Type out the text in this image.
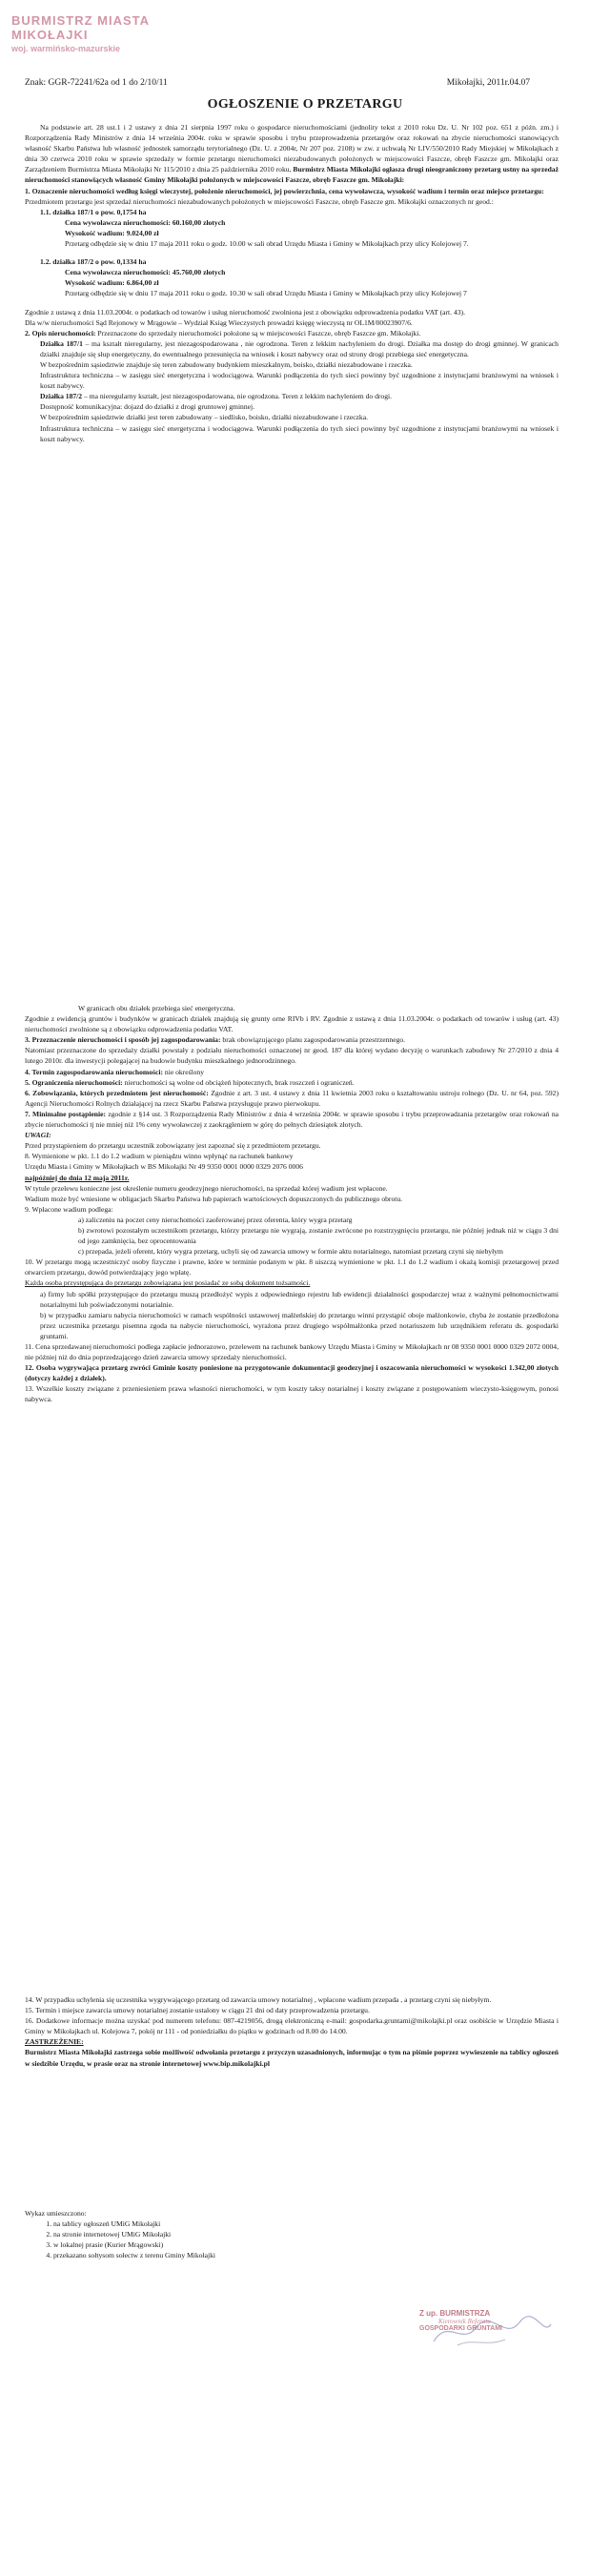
BURMISTRZ MIASTA MIKOŁAJKI
woj. warmińsko-mazurskie
Znak: GGR-72241/62a od 1 do 2/10/11	Mikołajki, 2011r.04.07
OGŁOSZENIE O PRZETARGU

Na podstawie art. 28 ust.1 i 2 ustawy z dnia 21 sierpnia 1997 roku o gospodarce nieruchomościami (jednolity tekst z 2010 roku Dz. U. Nr 102 poz. 651 z późn. zm.) i Rozporządzenia Rady Ministrów z dnia 14 września 2004r. roku w sprawie sposobu i trybu przeprowadzenia przetargów oraz rokowań na zbycie nieruchomości stanowiących własność Skarbu Państwa lub własność jednostek samorządu terytorialnego (Dz. U. z 2004r, Nr 207 poz. 2108) w zw. z uchwałą Nr LIV/550/2010 Rady Miejskiej w Mikołajkach z dnia 30 czerwca 2010 roku w sprawie sprzedaży w formie przetargu nieruchomości niezabudowanych położonych w miejscowości Faszcze, obręb Faszcze gm. Mikołajki oraz Zarządzeniem Burmistrza Miasta Mikołajki Nr 115/2010 z dnia 25 października 2010 roku, Burmistrz Miasta Mikołajki ogłasza drugi nieograniczony przetarg ustny na sprzedaż nieruchomości stanowiących własność Gminy Mikołajki położonych w miejscowości Faszcze, obręb Faszcze gm. Mikołajki:

1. Oznaczenie nieruchomości według księgi wieczystej, położenie nieruchomości, jej powierzchnia, cena wywoławcza, wysokość wadium i termin oraz miejsce przetargu:

Przedmiotem przetargu jest sprzedaż nieruchomości niezabudowanych położonych w miejscowości Faszcze, obręb Faszcze gm. Mikołajki oznaczonych nr geod.:

1.1. działka 187/1 o pow. 0,1754 ha

Cena wywoławcza nieruchomości: 60.160,00 złotych

Wysokość wadium: 9.024,00 zł

Przetarg odbędzie się w dniu 17 maja 2011 roku o godz. 10.00 w sali obrad Urzędu Miasta i Gminy w Mikołajkach przy ulicy Kolejowej 7.

1.2. działka 187/2 o pow. 0,1334 ha

Cena wywoławcza nieruchomości: 45.760,00 złotych

Wysokość wadium: 6.864,00 zł

Przetarg odbędzie się w dniu 17 maja 2011 roku o godz. 10.30 w sali obrad Urzędu Miasta i Gminy w Mikołajkach przy ulicy Kolejowej 7

Zgodnie z ustawą z dnia 11.03.2004r. o podatkach od towarów i usług nieruchomość zwolniona jest z obowiązku odprowadzenia podatku VAT (art. 43).

Dla w/w nieruchomości Sąd Rejonowy w Mrągowie – Wydział Ksiąg Wieczystych prowadzi księgę wieczystą nr OL1M/00023907/6.

2. Opis nieruchomości: Przeznaczone do sprzedaży nieruchomości położone są w miejscowości Faszcze, obręb Faszcze gm. Mikołajki.

Działka 187/1 – ma kształt nieregularny, jest niezagospodarowana , nie ogrodzona. Teren z lekkim nachyleniem do drogi. Działka ma dostęp do drogi gminnej. W granicach działki znajduje się słup energetyczny, do ewentualnego przesunięcia na wniosek i koszt nabywcy oraz od strony drogi przebiega sieć energetyczna.

W bezpośrednim sąsiedztwie znajduje się teren zabudowany budynkiem mieszkalnym, boisko, działki niezabudowane i rzeczka.

Infrastruktura techniczna – w zasięgu sieć energetyczna i wodociągowa. Warunki podłączenia do tych sieci powinny być uzgodnione z instytucjami branżowymi na wniosek i koszt nabywcy.

Działka 187/2 – ma nieregularny kształt, jest niezagospodarowana, nie ogrodzona. Teren z lekkim nachyleniem do drogi.

Dostępność komunikacyjna: dojazd do działki z drogi gruntowej gminnej.

W bezpośrednim sąsiedztwie działki jest teren zabudowany – siedlisko, boisko, działki niezabudowane i rzeczka.

Infrastruktura techniczna – w zasięgu sieć energetyczna i wodociągowa. Warunki podłączenia do tych sieci powinny być uzgodnione z instytucjami branżowymi na wniosek i koszt nabywcy.

W granicach obu działek przebiega sieć energetyczna.

Zgodnie z ewidencją gruntów i budynków w granicach działek znajdują się grunty orne RIVb i RV. Zgodnie z ustawą z dnia 11.03.2004r. o podatkach od towarów i usług (art. 43) nieruchomości zwolnione są z obowiązku odprowadzenia podatku VAT.

3. Przeznaczenie nieruchomości i sposób jej zagospodarowania: brak obowiązującego planu zagospodarowania przestrzennego.

Natomiast przeznaczone do sprzedaży działki powstały z podziału nieruchomości oznaczonej nr geod. 187 dla której wydano decyzję o warunkach zabudowy Nr 27/2010 z dnia 4 lutego 2010r. dla inwestycji polegającej na budowie budynku mieszkalnego jednorodzinnego.

4. Termin zagospodarowania nieruchomości: nie określony

5. Ograniczenia nieruchomości: nieruchomości są wolne od obciążeń hipotecznych, brak roszczeń i ograniczeń.

6. Zobowiązania, których przedmiotem jest nieruchomość: Zgodnie z art. 3 ust. 4 ustawy z dnia 11 kwietnia 2003 roku o kształtowaniu ustroju rolnego (Dz. U. nr 64, poz. 592) Agencji Nieruchomości Rolnych działającej na rzecz Skarbu Państwa przysługuje prawo pierwokupu.

7. Minimalne postąpienie: zgodnie z §14 ust. 3 Rozporządzenia Rady Ministrów z dnia 4 września 2004r. w sprawie sposobu i trybu przeprowadzania przetargów oraz rokowań na zbycie nieruchomości tj nie mniej niż 1% ceny wywoławczej z zaokrągleniem w górę do pełnych dziesiątek złotych.

UWAGI:

Przed przystąpieniem do przetargu uczestnik zobowiązany jest zapoznać się z przedmiotem przetargu.

8. Wymienione w pkt. 1.1 do 1.2 wadium w pieniądzu winno wpłynąć na rachunek bankowy

Urzędu Miasta i Gminy w Mikołajkach w BS Mikołajki Nr 49 9350 0001 0000 0329 2076 0006

najpóźniej do dnia 12 maja 2011r.

W tytule przelewu konieczne jest określenie numeru geodezyjnego nieruchomości, na sprzedaż której wadium jest wpłacone.

Wadium może być wniesione w obligacjach Skarbu Państwa lub papierach wartościowych dopuszczonych do publicznego obrotu.

9. Wpłacone wadium podlega:

a) zaliczeniu na poczet ceny nieruchomości zaoferowanej przez oferenta, który wygra przetarg

b) zwrotowi pozostałym uczestnikom przetargu, którzy przetargu nie wygrają, zostanie zwrócone po rozstrzygnięciu przetargu, nie później jednak niż w ciągu 3 dni od jego zamknięcia, bez oprocentowania

c) przepada, jeżeli oferent, który wygra przetarg, uchyli się od zawarcia umowy w formie aktu notarialnego, natomiast przetarg czyni się niebyłym

10. W przetargu mogą uczestniczyć osoby fizyczne i prawne, które w terminie podanym w pkt. 8 uiszczą wymienione w pkt. 1.1 do 1.2 wadium i okażą komisji przetargowej przed otwarciem przetargu, dowód potwierdzający jego wpłatę.

Każda osoba przystępująca do przetargu zobowiązana jest posiadać ze sobą dokument tożsamości.

a) firmy lub spółki przystępujące do przetargu muszą przedłożyć wypis z odpowiedniego rejestru lub ewidencji działalności gospodarczej wraz z ważnymi pełnomocnictwami notarialnymi lub poświadczonymi notarialnie.

b) w przypadku zamiaru nabycia nieruchomości w ramach wspólności ustawowej małżeńskiej do przetargu winni przystąpić oboje małżonkowie, chyba że zostanie przedłożona przez uczestnika przetargu pisemna zgoda na nabycie nieruchomości, wyrażona przez drugiego współmałżonka przed notariuszem lub urzędnikiem referatu ds. gospodarki gruntami.

11. Cena sprzedawanej nieruchomości podlega zapłacie jednorazowo, przelewem na rachunek bankowy Urzędu Miasta i Gminy w Mikołajkach nr 08 9350 0001 0000 0329 2072 0004, nie później niż do dnia poprzedzającego dzień zawarcia umowy sprzedaży nieruchomości.

12. Osoba wygrywająca przetarg zwróci Gminie koszty poniesione na przygotowanie dokumentacji geodezyjnej i oszacowania nieruchomości w wysokości 1.342,00 złotych (dotyczy każdej z działek).

13. Wszelkie koszty związane z przeniesieniem prawa własności nieruchomości, w tym koszty taksy notarialnej i koszty związane z postępowaniem wieczysto-księgowym, ponosi nabywca.

14. W przypadku uchylenia się uczestnika wygrywającego przetarg od zawarcia umowy notarialnej , wpłacone wadium przepada , a przetarg czyni się niebyłym.

15. Termin i miejsce zawarcia umowy notarialnej zostanie ustalony w ciągu 21 dni od daty przeprowadzenia przetargu.

16. Dodatkowe informacje można uzyskać pod numerem telefonu: 087-4219056, drogą elektroniczną e-mail: gospodarka.gruntami@mikolajki.pl oraz osobiście w Urzędzie Miasta i Gminy w Mikołajkach ul. Kolejowa 7, pokój nr 111 - od poniedziałku do piątku w godzinach od 8.00 do 14.00.

ZASTRZEŻENIE:

Burmistrz Miasta Mikołajki zastrzega sobie możliwość odwołania przetargu z przyczyn uzasadnionych, informując o tym na piśmie poprzez wywieszenie na tablicy ogłoszeń w siedzibie Urzędu, w prasie oraz na stronie internetowej www.bip.mikolajki.pl

Wykaz umieszczono:

1. na tablicy ogłoszeń UMiG Mikołajki
2. na stronie internetowej UMiG Mikołajki
3. w lokalnej prasie (Kurier Mrągowski)
4. przekazano sołtysom sołectw z terenu Gminy Mikołajki
Z up. BURMISTRZA
Kierownik Referatu
GOSPODARKI GRUNTAMI
